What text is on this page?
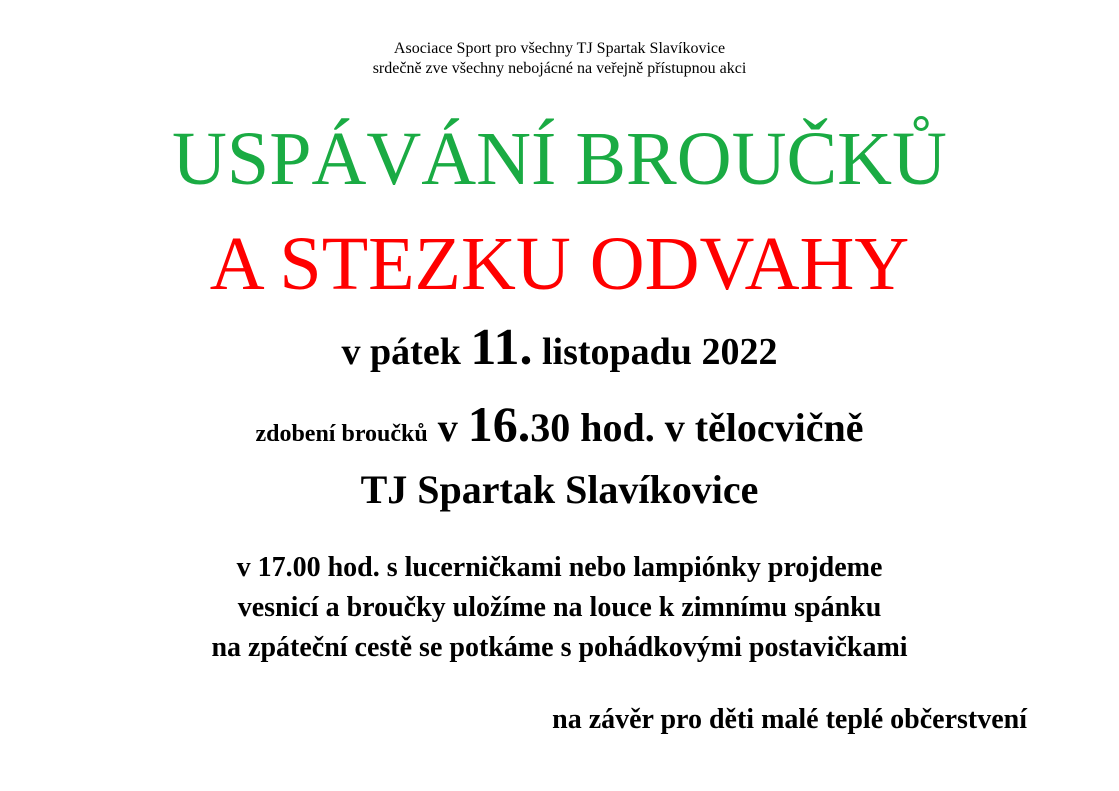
Asociace Sport pro všechny TJ Spartak Slavíkovice

srdečně zve všechny nebojácné na veřejně přístupnou akci

USPÁVÁNÍ BROUČKŮ
A STEZKU ODVAHY

v pátek 11. listopadu 2022

zdobení broučků v 16.30 hod. v tělocvičně

TJ Spartak Slavíkovice

v 17.00 hod. s lucerničkami nebo lampiónky projdeme

vesnicí a broučky uložíme na louce k zimnímu spánku

na zpáteční cestě se potkáme s pohádkovými postavičkami

na závěr pro děti malé teplé občerstvení
